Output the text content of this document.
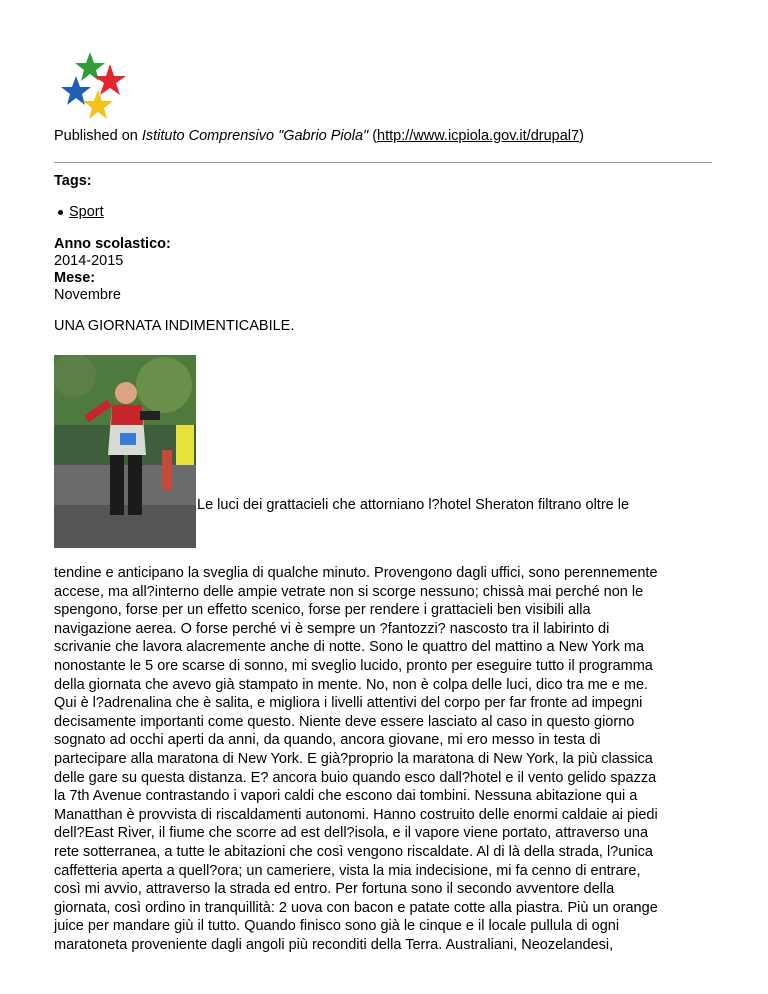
Published on Istituto Comprensivo "Gabrio Piola" (http://www.icpiola.gov.it/drupal7)
Tags:
Sport
Anno scolastico:
2014-2015
Mese:
Novembre
UNA GIORNATA INDIMENTICABILE.
Le luci dei grattacieli che attorniano l?hotel Sheraton filtrano oltre le
tendine e anticipano la sveglia di qualche minuto. Provengono dagli uffici, sono perennemente
accese, ma all?interno delle ampie vetrate non si scorge nessuno; chissà mai perché non le
spengono, forse per un effetto scenico, forse per rendere i grattacieli ben visibili alla
navigazione aerea. O forse perché vi è sempre un ?fantozzi? nascosto tra il labirinto di
scrivanie che lavora alacremente anche di notte. Sono le quattro del mattino a New York ma
nonostante le 5 ore scarse di sonno, mi sveglio lucido, pronto per eseguire tutto il programma
della giornata che avevo già stampato in mente. No, non è colpa delle luci, dico tra me e me.
Qui è l?adrenalina che è salita, e migliora i livelli attentivi del corpo per far fronte ad impegni
decisamente importanti come questo. Niente deve essere lasciato al caso in questo giorno
sognato ad occhi aperti da anni, da quando, ancora giovane, mi ero messo in testa di
partecipare alla maratona di New York. E già?proprio la maratona di New York, la più classica
delle gare su questa distanza. E? ancora buio quando esco dall?hotel e il vento gelido spazza
la 7th Avenue contrastando i vapori caldi che escono dai tombini. Nessuna abitazione qui a
Manatthan è provvista di riscaldamenti autonomi. Hanno costruito delle enormi caldaie ai piedi
dell?East River, il fiume che scorre ad est dell?isola, e il vapore viene portato, attraverso una
rete sotterranea, a tutte le abitazioni che così vengono riscaldate. Al di là della strada, l?unica
caffetteria aperta a quell?ora; un cameriere, vista la mia indecisione, mi fa cenno di entrare,
così mi avvio, attraverso la strada ed entro. Per fortuna sono il secondo avventore della
giornata, così ordino in tranquillità: 2 uova con bacon e patate cotte alla piastra. Più un orange
juice per mandare giù il tutto. Quando finisco sono già le cinque e il locale pullula di ogni
maratoneta proveniente dagli angoli più reconditi della Terra. Australiani, Neozelandesi,
